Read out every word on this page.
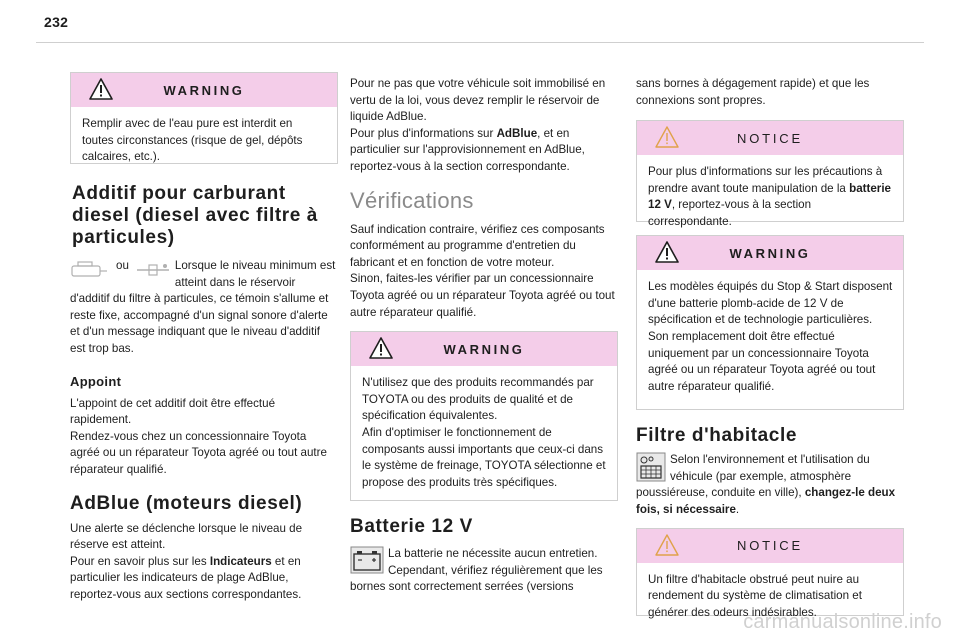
232
WARNING

Remplir avec de l'eau pure est interdit en toutes circonstances (risque de gel, dépôts calcaires, etc.).

Additif pour carburant diesel (diesel avec filtre à particules)
ou	Lorsque le niveau minimum est atteint dans le réservoir d'additif du filtre à particules, ce témoin s'allume et reste fixe, accompagné d'un signal sonore d'alerte et d'un message indiquant que le niveau d'additif est trop bas.

Appoint

L'appoint de cet additif doit être effectué rapidement.

Rendez-vous chez un concessionnaire Toyota agréé ou un réparateur Toyota agréé ou tout autre réparateur qualifié.

AdBlue (moteurs diesel)

Une alerte se déclenche lorsque le niveau de réserve est atteint.

Pour en savoir plus sur les Indicateurs et en particulier les indicateurs de plage AdBlue, reportez-vous aux sections correspondantes.

Pour ne pas que votre véhicule soit immobilisé en vertu de la loi, vous devez remplir le réservoir de liquide AdBlue.

Pour plus d'informations sur AdBlue, et en particulier sur l'approvisionnement en AdBlue, reportez-vous à la section correspondante.

Vérifications

Sauf indication contraire, vérifiez ces composants conformément au programme d'entretien du fabricant et en fonction de votre moteur.

Sinon, faites-les vérifier par un concessionnaire Toyota agréé ou un réparateur Toyota agréé ou tout autre réparateur qualifié.

WARNING

N'utilisez que des produits recommandés par TOYOTA ou des produits de qualité et de spécification équivalentes.

Afin d'optimiser le fonctionnement de composants aussi importants que ceux-ci dans le système de freinage, TOYOTA sélectionne et propose des produits très spécifiques.

Batterie 12 V

La batterie ne nécessite aucun entretien. Cependant, vérifiez régulièrement que les bornes sont correctement serrées (versions

sans bornes à dégagement rapide) et que les connexions sont propres.

NOTICE

Pour plus d'informations sur les précautions à prendre avant toute manipulation de la batterie 12 V, reportez-vous à la section correspondante.

WARNING

Les modèles équipés du Stop & Start disposent d'une batterie plomb-acide de 12 V de spécification et de technologie particulières.

Son remplacement doit être effectué uniquement par un concessionnaire Toyota agréé ou un réparateur Toyota agréé ou tout autre réparateur qualifié.

Filtre d'habitacle

Selon l'environnement et l'utilisation du véhicule (par exemple, atmosphère poussiéreuse, conduite en ville), changez-le deux fois, si nécessaire.

NOTICE

Un filtre d'habitacle obstrué peut nuire au rendement du système de climatisation et générer des odeurs indésirables.

carmanualsonline.info
